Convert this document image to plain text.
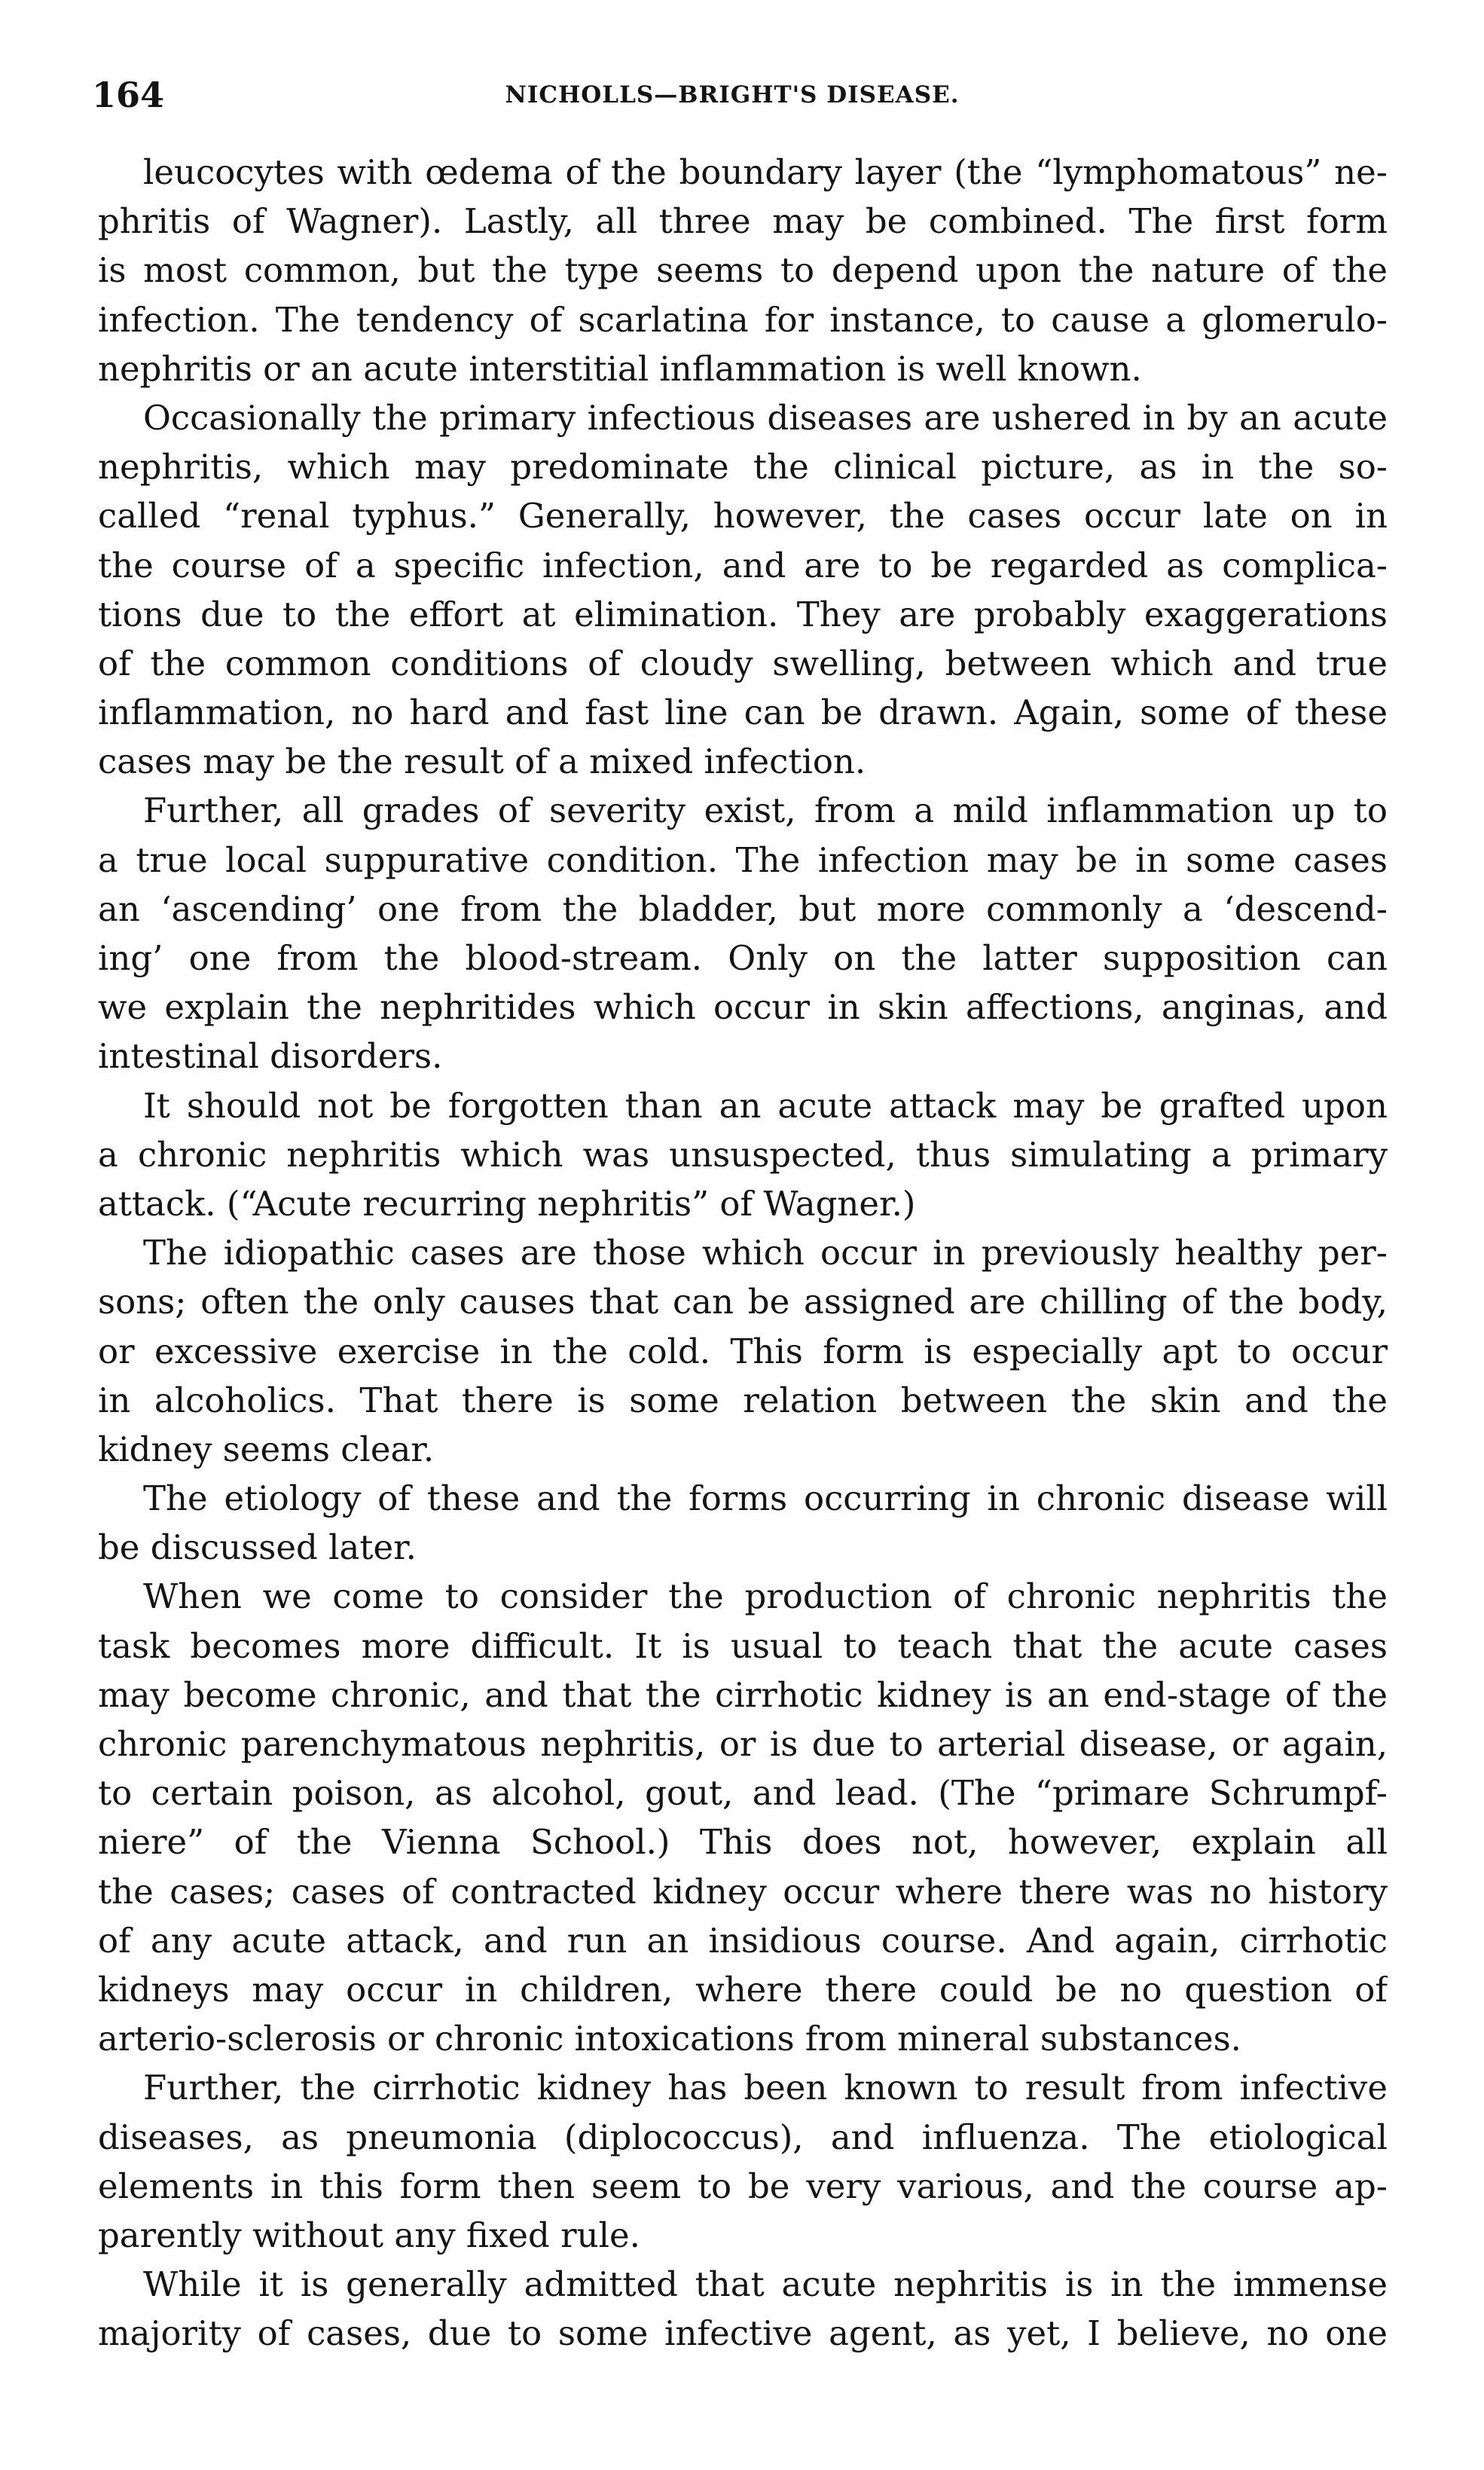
164	NICHOLLS—BRIGHT'S DISEASE.

leucocytes with œdema of the boundary layer (the “lymphomatous” ne-
phritis of Wagner). Lastly, all three may be combined. The first form
is most common, but the type seems to depend upon the nature of the
infection. The tendency of scarlatina for instance, to cause a glomerulo-
nephritis or an acute interstitial inflammation is well known.

Occasionally the primary infectious diseases are ushered in by an acute
nephritis, which may predominate the clinical picture, as in the so-
called “renal typhus.” Generally, however, the cases occur late on in
the course of a specific infection, and are to be regarded as complica-
tions due to the effort at elimination. They are probably exaggerations
of the common conditions of cloudy swelling, between which and true
inflammation, no hard and fast line can be drawn. Again, some of these
cases may be the result of a mixed infection.

Further, all grades of severity exist, from a mild inflammation up to
a true local suppurative condition. The infection may be in some cases
an ‘ascending’ one from the bladder, but more commonly a ‘descend-
ing’ one from the blood-stream. Only on the latter supposition can
we explain the nephritides which occur in skin affections, anginas, and
intestinal disorders.

It should not be forgotten than an acute attack may be grafted upon
a chronic nephritis which was unsuspected, thus simulating a primary
attack. (“Acute recurring nephritis” of Wagner.)

The idiopathic cases are those which occur in previously healthy per-
sons; often the only causes that can be assigned are chilling of the body,
or excessive exercise in the cold. This form is especially apt to occur
in alcoholics. That there is some relation between the skin and the
kidney seems clear.

The etiology of these and the forms occurring in chronic disease will
be discussed later.

When we come to consider the production of chronic nephritis the
task becomes more difficult. It is usual to teach that the acute cases
may become chronic, and that the cirrhotic kidney is an end-stage of the
chronic parenchymatous nephritis, or is due to arterial disease, or again,
to certain poison, as alcohol, gout, and lead. (The “primare Schrumpf-
niere” of the Vienna School.) This does not, however, explain all
the cases; cases of contracted kidney occur where there was no history
of any acute attack, and run an insidious course. And again, cirrhotic
kidneys may occur in children, where there could be no question of
arterio-sclerosis or chronic intoxications from mineral substances.

Further, the cirrhotic kidney has been known to result from infective
diseases, as pneumonia (diplococcus), and influenza. The etiological
elements in this form then seem to be very various, and the course ap-
parently without any fixed rule.

While it is generally admitted that acute nephritis is in the immense
majority of cases, due to some infective agent, as yet, I believe, no one
